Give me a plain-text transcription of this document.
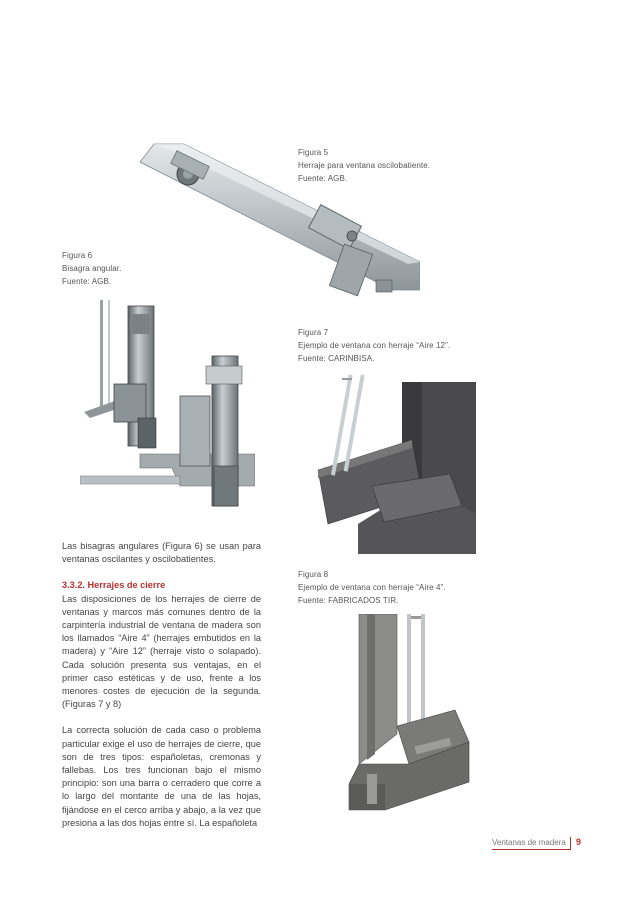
Figura 5
Herraje para ventana oscilobatiente.
Fuente: AGB.
Figura 6
Bisagra angular.
Fuente: AGB.
Figura 7
Ejemplo de ventana con herraje “Aire 12”.
Fuente: CARINBISA.

Las bisagras angulares (Figura 6) se usan para ventanas oscilantes y oscilobatientes.

3.3.2. Herrajes de cierre

Las disposiciones de los herrajes de cierre de ventanas y marcos más comunes dentro de la carpintería industrial de ventana de madera son los llamados “Aire 4” (herrajes embutidos en la madera) y “Aire 12” (herraje visto o solapado). Cada solución presenta sus ventajas, en el primer caso estéticas y de uso, frente a los menores costes de ejecución de la segunda. (Figuras 7 y 8)

La correcta solución de cada caso o problema particular exige el uso de herrajes de cierre, que son de tres tipos: españoletas, cremonas y fallebas. Los tres funcionan bajo el mismo principio: son una barra o cerradero que corre a lo largo del montante de una de las hojas, fijándose en el cerco arriba y abajo, a la vez que presiona a las dos hojas entre sí. La españoleta

Figura 8
Ejemplo de ventana con herraje “Aire 4”.
Fuente: FABRICADOS TIR.
Ventanas de madera 9
